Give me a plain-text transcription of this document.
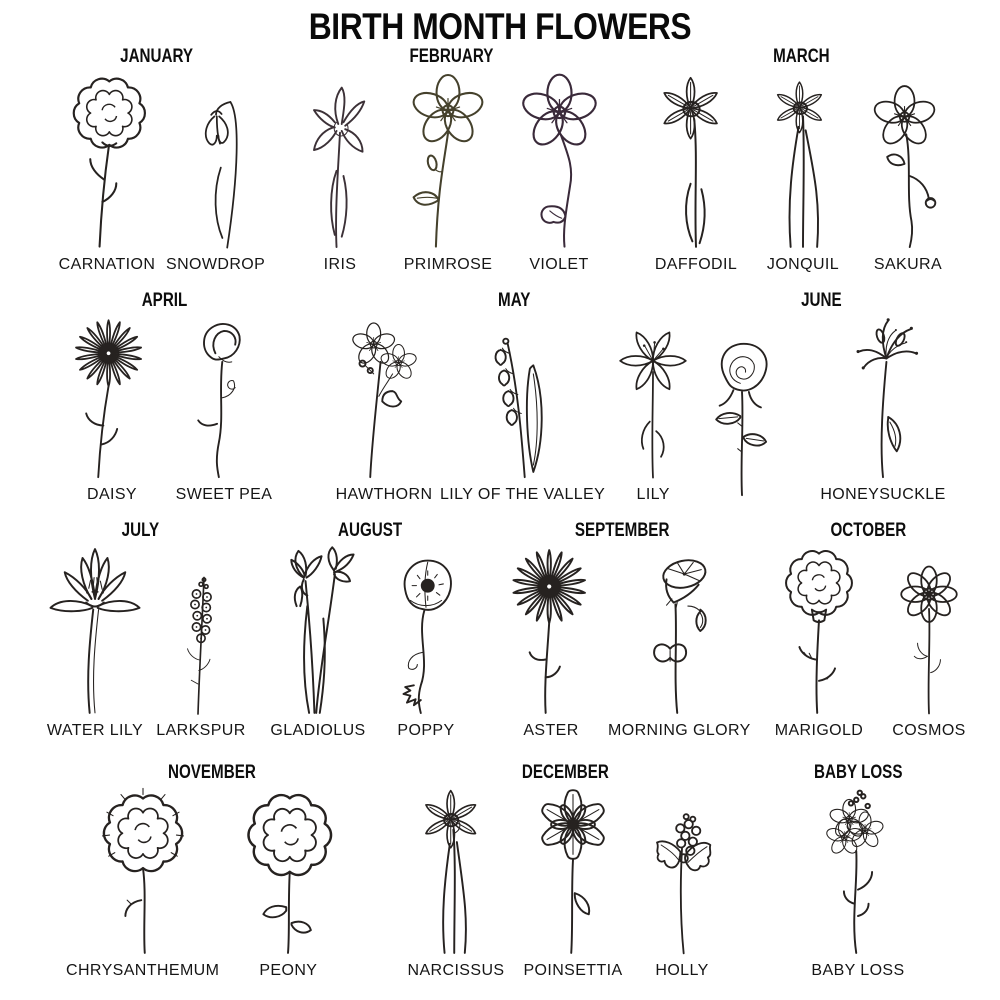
BIRTH MONTH FLOWERS
JANUARY
CARNATION SNOWDROP
FEBRUARY
IRIS	PRIMROSE VIOLET
MARCH
DAFFODIL JONQUIL SAKURA
APRIL
DAISY SWEET PEA
MAY
HAWTHORN LILY OF THE VALLEY LILY
JUNE
HONEYSUCKLE
JULY
WATER LILY LARKSPUR
AUGUST
GLADIOLUS POPPY
SEPTEMBER
ASTER MORNING GLORY
OCTOBER
MARIGOLD COSMOS
NOVEMBER
CHRYSANTHEMUM PEONY
DECEMBER
NARCISSUS POINSETTIA HOLLY
BABY LOSS
BABY LOSS
